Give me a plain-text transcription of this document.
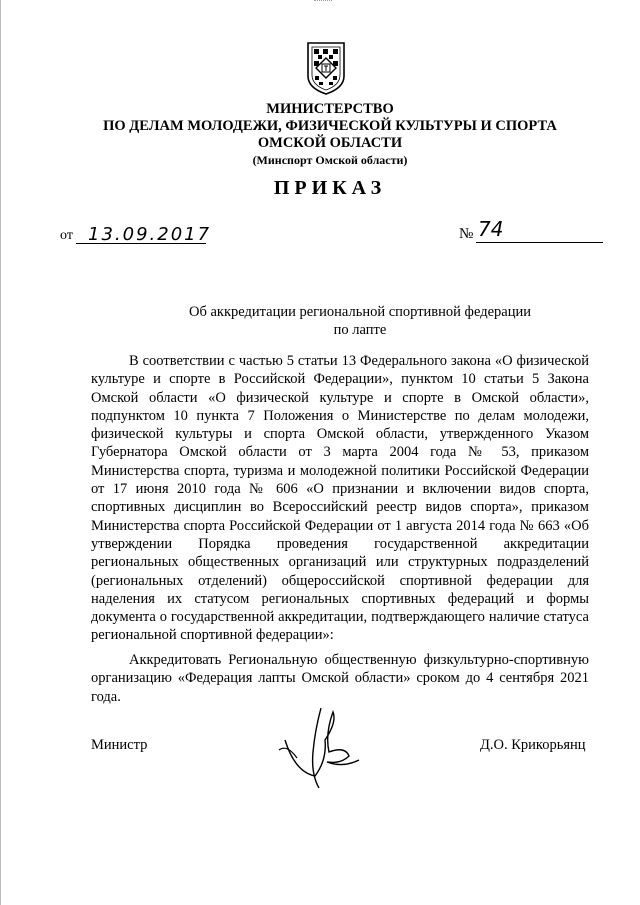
МИНИСТЕРСТВО
ПО ДЕЛАМ МОЛОДЕЖИ, ФИЗИЧЕСКОЙ КУЛЬТУРЫ И СПОРТА
ОМСКОЙ ОБЛАСТИ
(Минспорт Омской области)
ПРИКАЗ
от 13.09.2017	№ 74
Об аккредитации региональной спортивной федерации
по лапте
В соответствии с частью 5 статьи 13 Федерального закона «О физической культуре и спорте в Российской Федерации», пунктом 10 статьи 5 Закона Омской области «О физической культуре и спорте в Омской области», подпунктом 10 пункта 7 Положения о Министерстве по делам молодежи, физической культуры и спорта Омской области, утвержденного Указом Губернатора Омской области от 3 марта 2004 года № 53, приказом Министерства спорта, туризма и молодежной политики Российской Федерации от 17 июня 2010 года № 606 «О признании и включении видов спорта, спортивных дисциплин во Всероссийский реестр видов спорта», приказом Министерства спорта Российской Федерации от 1 августа 2014 года № 663 «Об утверждении Порядка проведения государственной аккредитации региональных общественных организаций или структурных подразделений (региональных отделений) общероссийской спортивной федерации для наделения их статусом региональных спортивных федераций и формы документа о государственной аккредитации, подтверждающего наличие статуса региональной спортивной федерации»:
Аккредитовать Региональную общественную физкультурно-спортивную организацию «Федерация лапты Омской области» сроком до 4 сентября 2021 года.
Министр	Д.О. Крикорьянц
